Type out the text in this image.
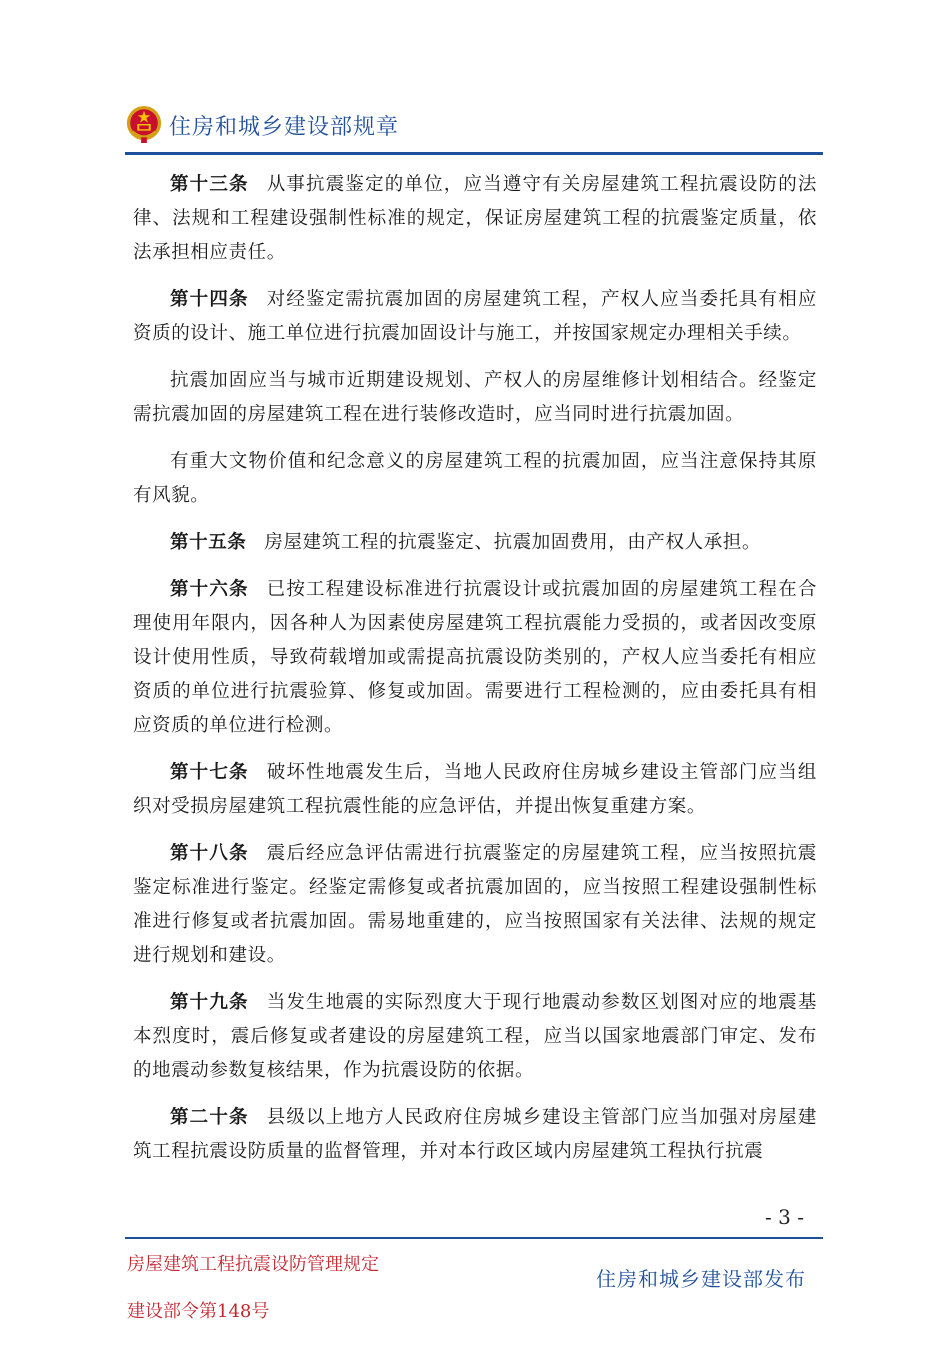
住房和城乡建设部规章

第十三条 从事抗震鉴定的单位，应当遵守有关房屋建筑工程抗震设防的法律、法规和工程建设强制性标准的规定，保证房屋建筑工程的抗震鉴定质量，依法承担相应责任。

第十四条 对经鉴定需抗震加固的房屋建筑工程，产权人应当委托具有相应资质的设计、施工单位进行抗震加固设计与施工，并按国家规定办理相关手续。

抗震加固应当与城市近期建设规划、产权人的房屋维修计划相结合。经鉴定需抗震加固的房屋建筑工程在进行装修改造时，应当同时进行抗震加固。

有重大文物价值和纪念意义的房屋建筑工程的抗震加固，应当注意保持其原有风貌。

第十五条 房屋建筑工程的抗震鉴定、抗震加固费用，由产权人承担。

第十六条 已按工程建设标准进行抗震设计或抗震加固的房屋建筑工程在合理使用年限内，因各种人为因素使房屋建筑工程抗震能力受损的，或者因改变原设计使用性质，导致荷载增加或需提高抗震设防类别的，产权人应当委托有相应资质的单位进行抗震验算、修复或加固。需要进行工程检测的，应由委托具有相应资质的单位进行检测。

第十七条 破坏性地震发生后，当地人民政府住房城乡建设主管部门应当组织对受损房屋建筑工程抗震性能的应急评估，并提出恢复重建方案。

第十八条 震后经应急评估需进行抗震鉴定的房屋建筑工程，应当按照抗震鉴定标准进行鉴定。经鉴定需修复或者抗震加固的，应当按照工程建设强制性标准进行修复或者抗震加固。需易地重建的，应当按照国家有关法律、法规的规定进行规划和建设。

第十九条 当发生地震的实际烈度大于现行地震动参数区划图对应的地震基本烈度时，震后修复或者建设的房屋建筑工程，应当以国家地震部门审定、发布的地震动参数复核结果，作为抗震设防的依据。

第二十条 县级以上地方人民政府住房城乡建设主管部门应当加强对房屋建筑工程抗震设防质量的监督管理，并对本行政区域内房屋建筑工程执行抗震

- 3 -
房屋建筑工程抗震设防管理规定
建设部令第148号
住房和城乡建设部发布
